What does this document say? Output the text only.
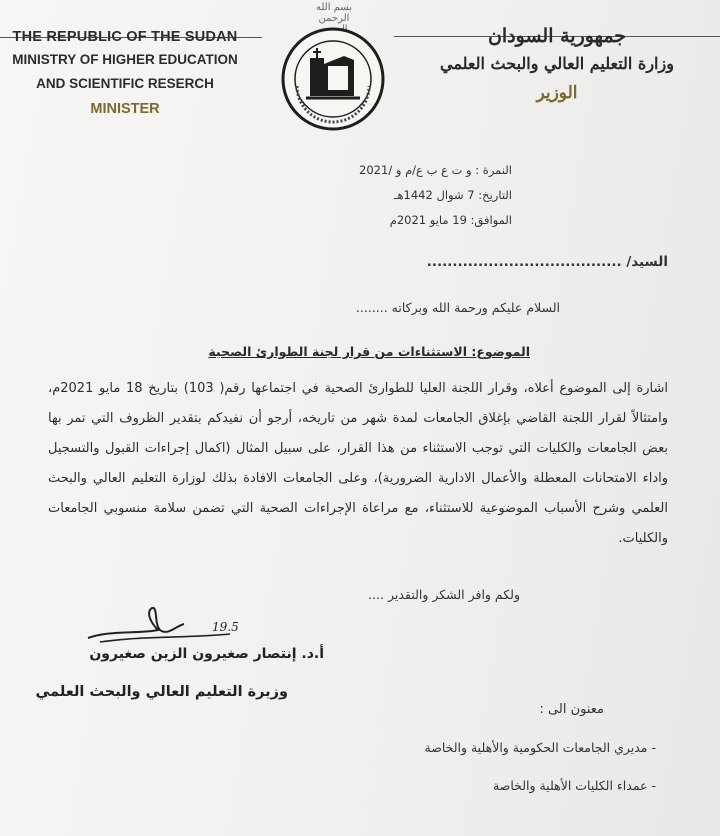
بسم الله الرحمن
THE REPUBLIC OF THE SUDAN
MINISTRY OF HIGHER EDUCATION
AND SCIENTIFIC RESERCH
MINISTER
جمهورية السودان
وزارة التعليم العالي والبحث العلمي
الوزير
النمرة : و ت ع ب ع/م و /2021
التاريخ: 7 شوال 1442هـ
الموافق: 19 مايو 2021م
السيد/ ......................................
السلام عليكم ورحمة الله وبركاته ........
الموضوع: الاستثناءات من قرار لجنة الطوارئ الصحية
اشارة إلى الموضوع أعلاه، وقرار اللجنة العليا للطوارئ الصحية في اجتماعها رقم( 103) بتاريخ 18 مايو 2021م، وامتثالاً لقرار اللجنة القاضي بإغلاق الجامعات لمدة شهر من تاريخه، أرجو أن نفيدكم بتقدير الظروف التي تمر بها بعض الجامعات والكليات التي توجب الاستثناء من هذا القرار، على سبيل المثال (اكمال إجراءات القبول والتسجيل واداء الامتحانات المعطلة والأعمال الادارية الضرورية)، وعلى الجامعات الافادة بذلك لوزارة التعليم العالي والبحث العلمي وشرح الأسباب الموضوعية للاستثناء، مع مراعاة الإجراءات الصحية التي تضمن سلامة منسوبي الجامعات والكليات.
ولكم وافر الشكر والتقدير ....
19.5
أ.د. إنتصار صغيرون الزين صغيرون
وزيرة التعليم العالي والبحث العلمي
معنون الى :
- مديري الجامعات الحكومية والأهلية والخاصة
- عمداء الكليات الأهلية والخاصة
